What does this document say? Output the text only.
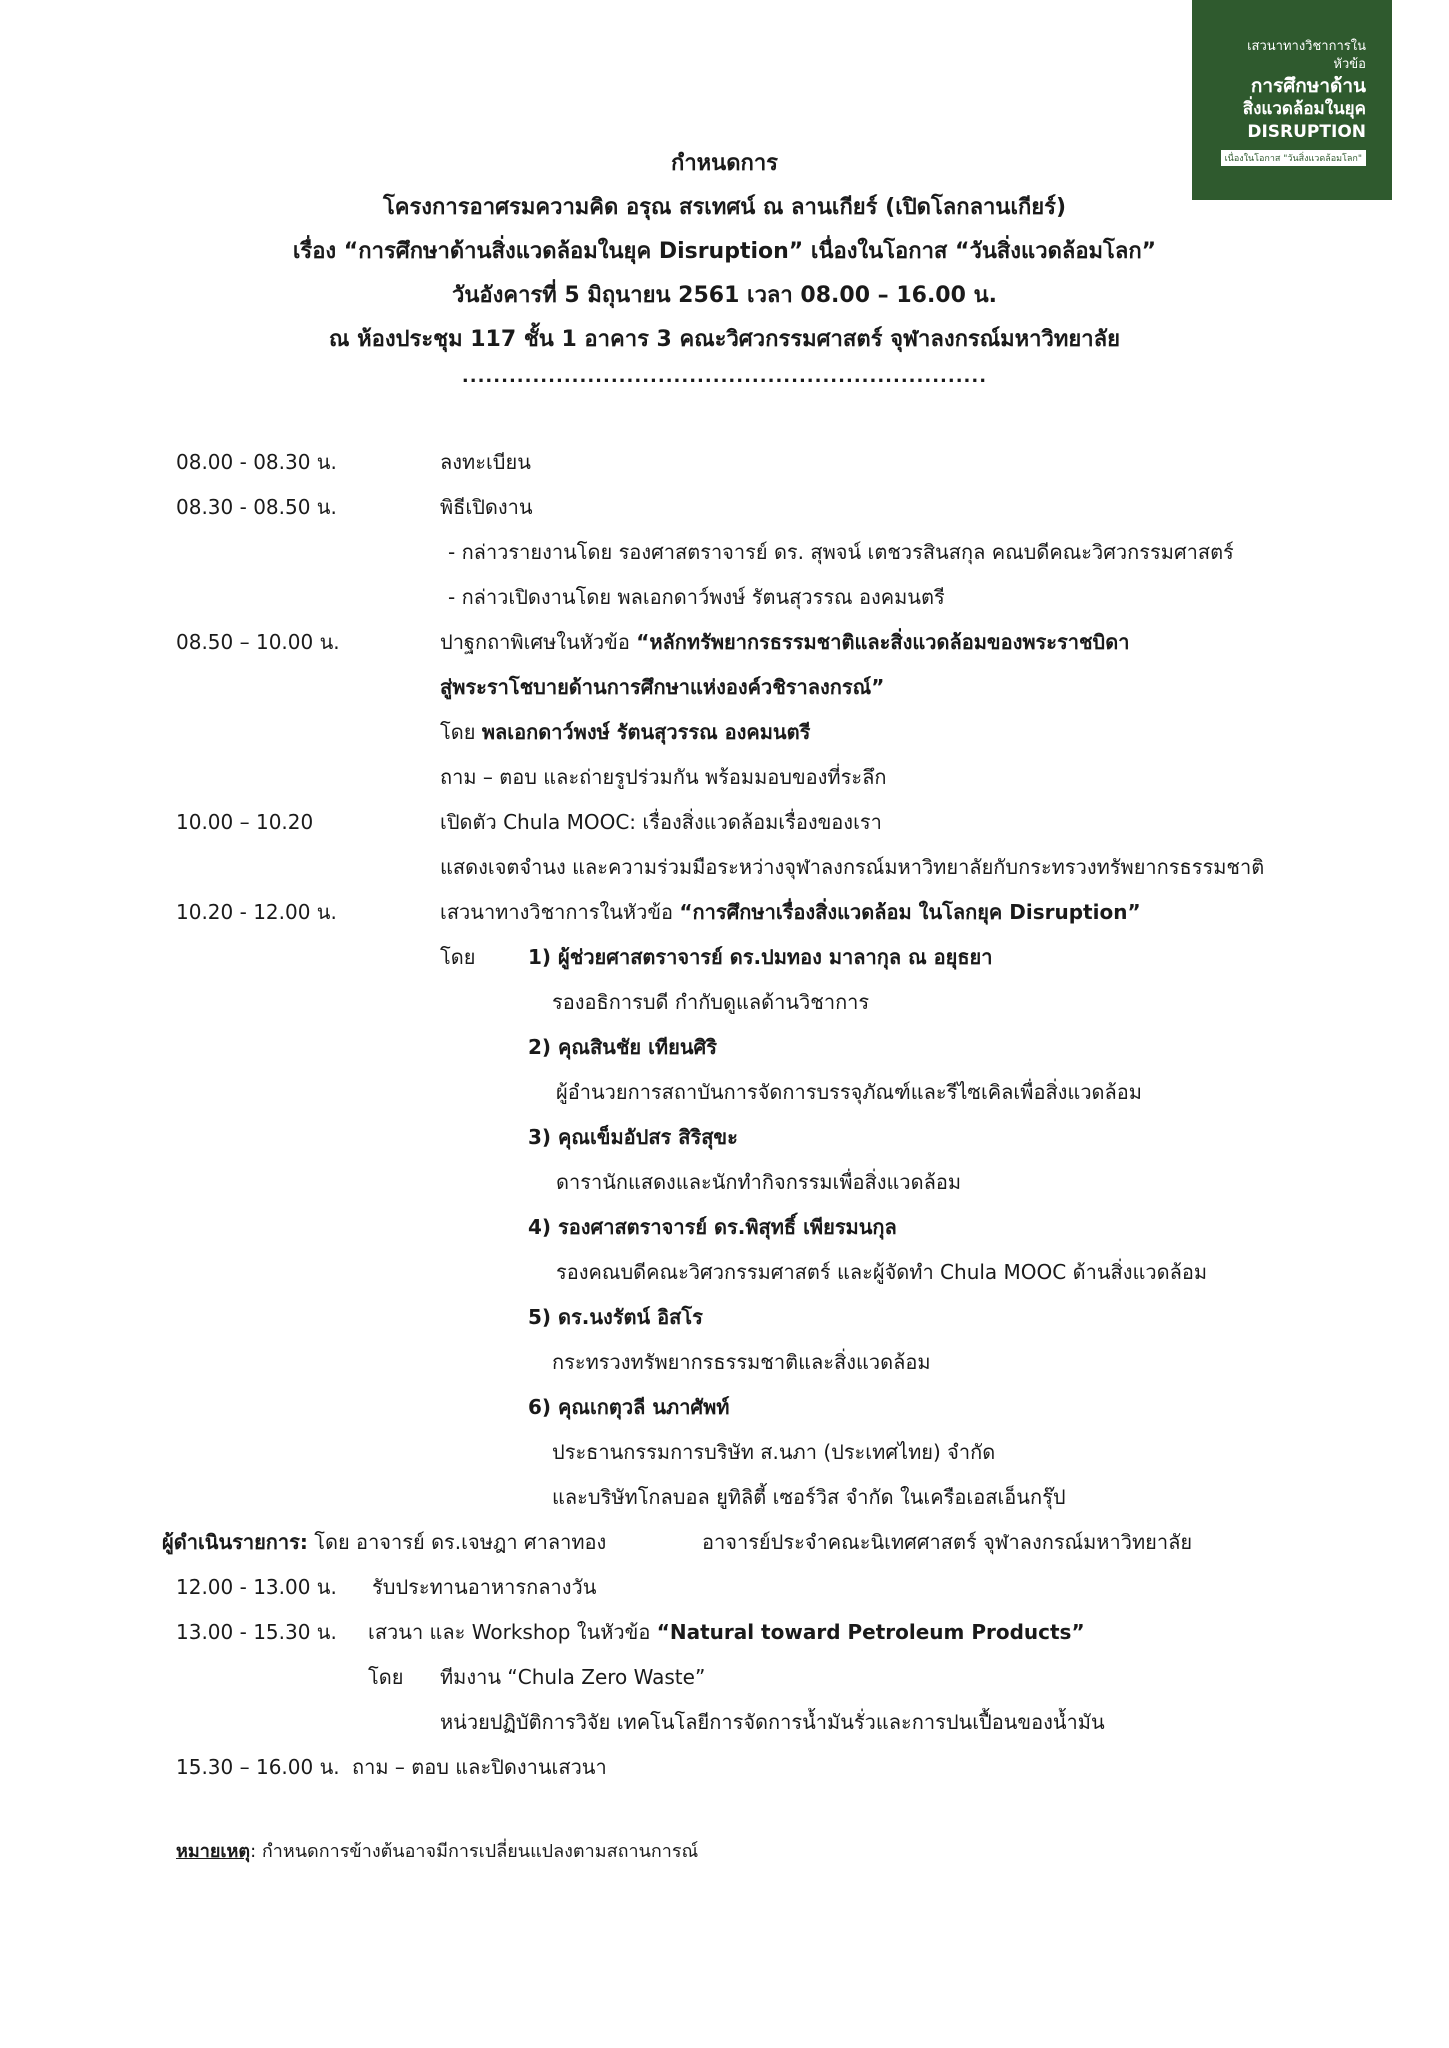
เสวนาทางวิชาการในหัวข้อ
การศึกษาด้าน
สิ่งแวดล้อมในยุค
DISRUPTION
เนื่องในโอกาส "วันสิ่งแวดล้อมโลก"
กำหนดการ
โครงการอาศรมความคิด อรุณ สรเทศน์ ณ ลานเกียร์ (เปิดโลกลานเกียร์)
เรื่อง “การศึกษาด้านสิ่งแวดล้อมในยุค Disruption” เนื่องในโอกาส “วันสิ่งแวดล้อมโลก”
วันอังคารที่ 5 มิถุนายน 2561 เวลา 08.00 – 16.00 น.
ณ ห้องประชุม 117 ชั้น 1 อาคาร 3 คณะวิศวกรรมศาสตร์ จุฬาลงกรณ์มหาวิทยาลัย
...................................................................
08.00 - 08.30 น.	ลงทะเบียน
08.30 - 08.50 น.	พิธีเปิดงาน
- กล่าวรายงานโดย รองศาสตราจารย์ ดร. สุพจน์ เตชวรสินสกุล คณบดีคณะวิศวกรรมศาสตร์
- กล่าวเปิดงานโดย พลเอกดาว์พงษ์ รัตนสุวรรณ องคมนตรี
08.50 – 10.00 น.	ปาฐกถาพิเศษในหัวข้อ “หลักทรัพยากรธรรมชาติและสิ่งแวดล้อมของพระราชบิดา
สู่พระราโชบายด้านการศึกษาแห่งองค์วชิราลงกรณ์”
โดย พลเอกดาว์พงษ์ รัตนสุวรรณ องคมนตรี
ถาม – ตอบ และถ่ายรูปร่วมกัน พร้อมมอบของที่ระลึก
10.00 – 10.20	เปิดตัว Chula MOOC: เรื่องสิ่งแวดล้อมเรื่องของเรา
แสดงเจตจำนง และความร่วมมือระหว่างจุฬาลงกรณ์มหาวิทยาลัยกับกระทรวงทรัพยากรธรรมชาติ
10.20 - 12.00 น.	เสวนาทางวิชาการในหัวข้อ “การศึกษาเรื่องสิ่งแวดล้อม ในโลกยุค Disruption”
โดย	1) ผู้ช่วยศาสตราจารย์ ดร.ปมทอง มาลากุล ณ อยุธยา
รองอธิการบดี กำกับดูแลด้านวิชาการ
2) คุณสินชัย เทียนศิริ
ผู้อำนวยการสถาบันการจัดการบรรจุภัณฑ์และรีไซเคิลเพื่อสิ่งแวดล้อม
3) คุณเข็มอัปสร สิริสุขะ
ดารานักแสดงและนักทำกิจกรรมเพื่อสิ่งแวดล้อม
4) รองศาสตราจารย์ ดร.พิสุทธิ์ เพียรมนกุล
รองคณบดีคณะวิศวกรรมศาสตร์ และผู้จัดทำ Chula MOOC ด้านสิ่งแวดล้อม
5) ดร.นงรัตน์ อิสโร
กระทรวงทรัพยากรธรรมชาติและสิ่งแวดล้อม
6) คุณเกตุวลี นภาศัพท์
ประธานกรรมการบริษัท ส.นภา (ประเทศไทย) จำกัด
และบริษัทโกลบอล ยูทิลิตี้ เซอร์วิส จำกัด ในเครือเอสเอ็นกรุ๊ป
ผู้ดำเนินรายการ: โดย อาจารย์ ดร.เจษฎา ศาลาทอง	อาจารย์ประจำคณะนิเทศศาสตร์ จุฬาลงกรณ์มหาวิทยาลัย
12.00 - 13.00 น. รับประทานอาหารกลางวัน
13.00 - 15.30 น. เสวนา และ Workshop ในหัวข้อ “Natural toward Petroleum Products”
โดย ทีมงาน “Chula Zero Waste”
หน่วยปฏิบัติการวิจัย เทคโนโลยีการจัดการน้ำมันรั่วและการปนเปื้อนของน้ำมัน
15.30 – 16.00 น. ถาม – ตอบ และปิดงานเสวนา
หมายเหตุ: กำหนดการข้างต้นอาจมีการเปลี่ยนแปลงตามสถานการณ์
